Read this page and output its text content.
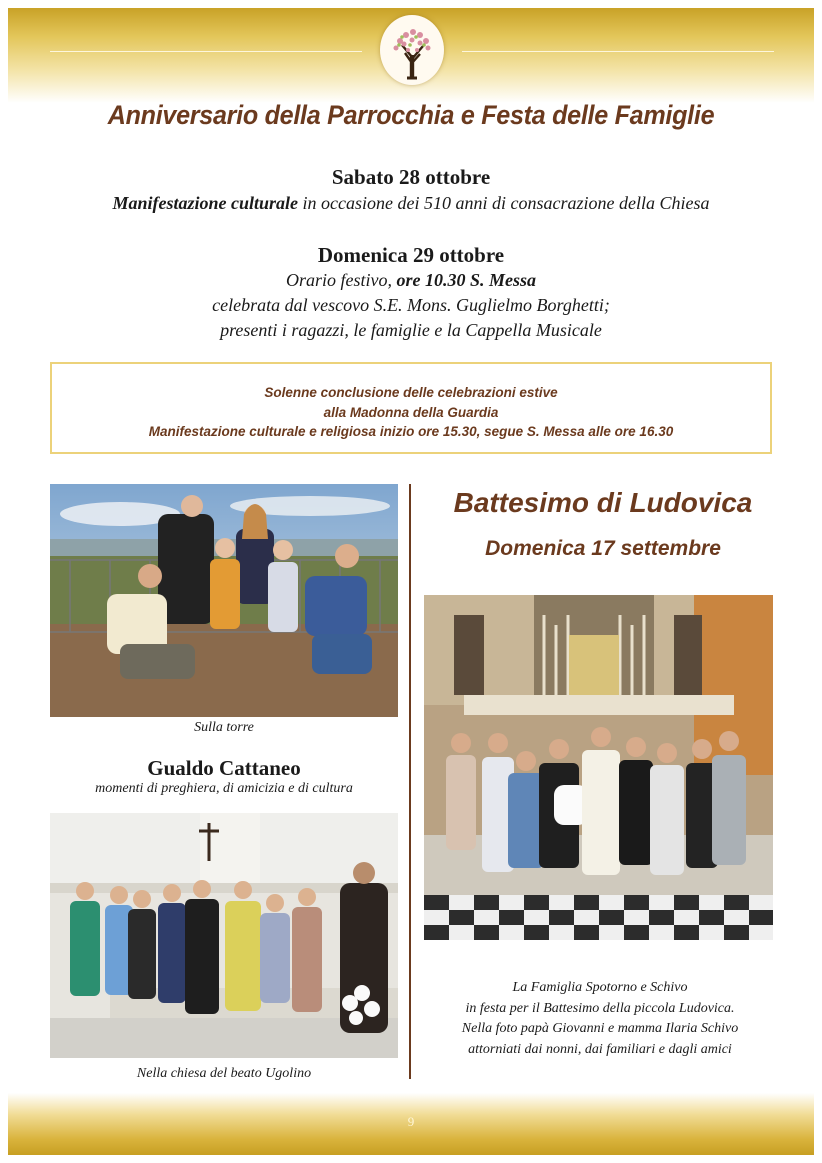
Anniversario della Parrocchia e Festa delle Famiglie
Sabato 28 ottobre
Manifestazione culturale in occasione dei 510 anni di consacrazione della Chiesa
Domenica 29 ottobre
Orario festivo, ore 10.30 S. Messa
celebrata dal vescovo S.E. Mons. Guglielmo Borghetti;
presenti i ragazzi, le famiglie e la Cappella Musicale
Solenne conclusione delle celebrazioni estive
alla Madonna della Guardia
Manifestazione culturale e religiosa inizio ore 15.30, segue S. Messa alle ore 16.30
Sulla torre
Gualdo Cattaneo
momenti di preghiera, di amicizia e di cultura
Nella chiesa del beato Ugolino
Battesimo di Ludovica
Domenica 17 settembre
La Famiglia Spotorno e Schivo
in festa per il Battesimo della piccola Ludovica.
Nella foto papà Giovanni e mamma Ilaria Schivo
attorniati dai nonni, dai familiari e dagli amici
9
